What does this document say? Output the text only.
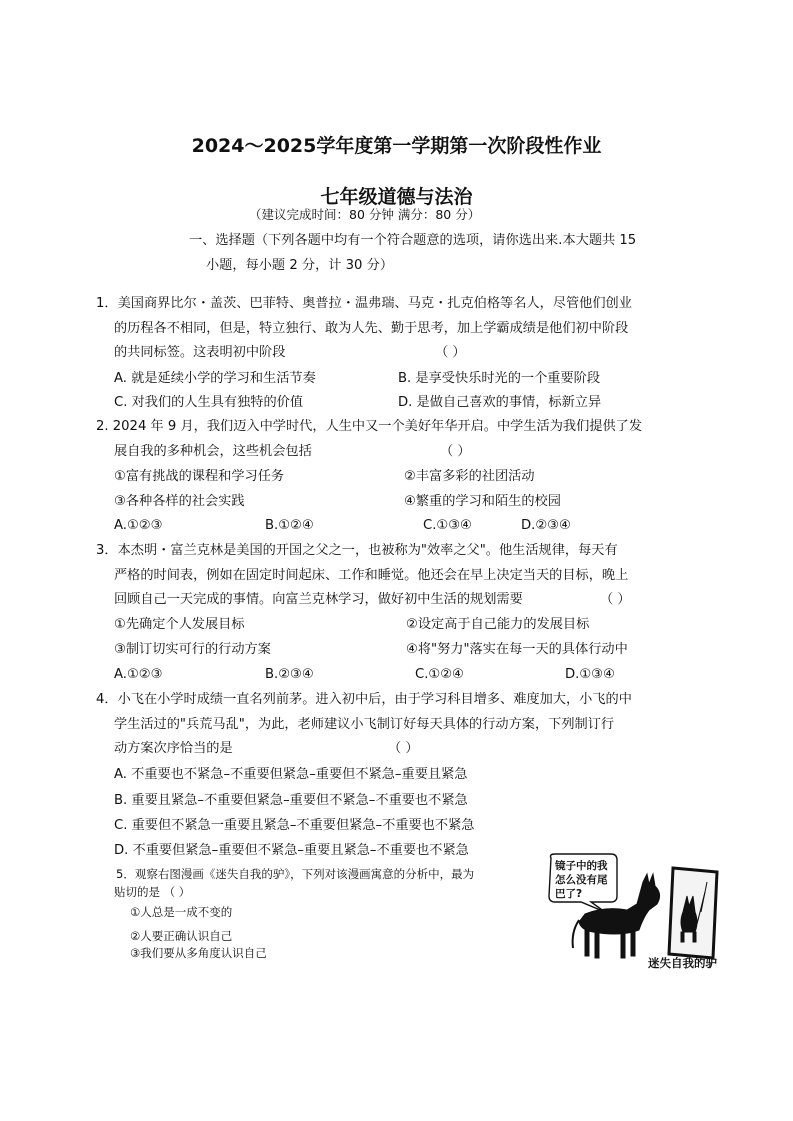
2024～2025学年度第一学期第一次阶段性作业
七年级道德与法治
（建议完成时间：80 分钟 满分：80 分）
一、选择题（下列各题中均有一个符合题意的选项，请你选出来.本大题共 15
小题，每小题 2 分，计 30 分）
1．美国商界比尔・盖茨、巴菲特、奥普拉・温弗瑞、马克・扎克伯格等名人，尽管他们创业
的历程各不相同，但是，特立独行、敢为人先、勤于思考，加上学霸成绩是他们初中阶段
的共同标签。这表明初中阶段	（ ）
A. 就是延续小学的学习和生活节奏	B. 是享受快乐时光的一个重要阶段
C. 对我们的人生具有独特的价值	D. 是做自己喜欢的事情，标新立异
2. 2024 年 9 月，我们迈入中学时代，人生中又一个美好年华开启。中学生活为我们提供了发
展自我的多种机会，这些机会包括	（ ）
①富有挑战的课程和学习任务	②丰富多彩的社团活动
③各种各样的社会实践	④繁重的学习和陌生的校园
A.①②③	B.①②④	C.①③④	D.②③④
3．本杰明・富兰克林是美国的开国之父之一，也被称为"效率之父"。他生活规律，每天有
严格的时间表，例如在固定时间起床、工作和睡觉。他还会在早上决定当天的目标，晚上
回顾自己一天完成的事情。向富兰克林学习，做好初中生活的规划需要	（ ）
①先确定个人发展目标	②设定高于自己能力的发展目标
③制订切实可行的行动方案	④将"努力"落实在每一天的具体行动中
A.①②③	B.②③④	C.①②④	D.①③④
4．小飞在小学时成绩一直名列前茅。进入初中后，由于学习科目增多、难度加大，小飞的中
学生活过的"兵荒马乱"，为此，老师建议小飞制订好每天具体的行动方案，下列制订行
动方案次序恰当的是	（ ）
A. 不重要也不紧急–不重要但紧急–重要但不紧急–重要且紧急
B. 重要且紧急–不重要但紧急–重要但不紧急–不重要也不紧急
C. 重要但不紧急一重要且紧急–不重要但紧急–不重要也不紧急
D. 不重要但紧急–重要但不紧急–重要且紧急–不重要也不紧急
5．观察右图漫画《迷失自我的驴》，下列对该漫画寓意的分析中，最为
贴切的是 （ ）
①人总是一成不变的
②人要正确认识自己
③我们要从多角度认识自己
镜子中的我
怎么没有尾
巴了?
迷失自我的驴
